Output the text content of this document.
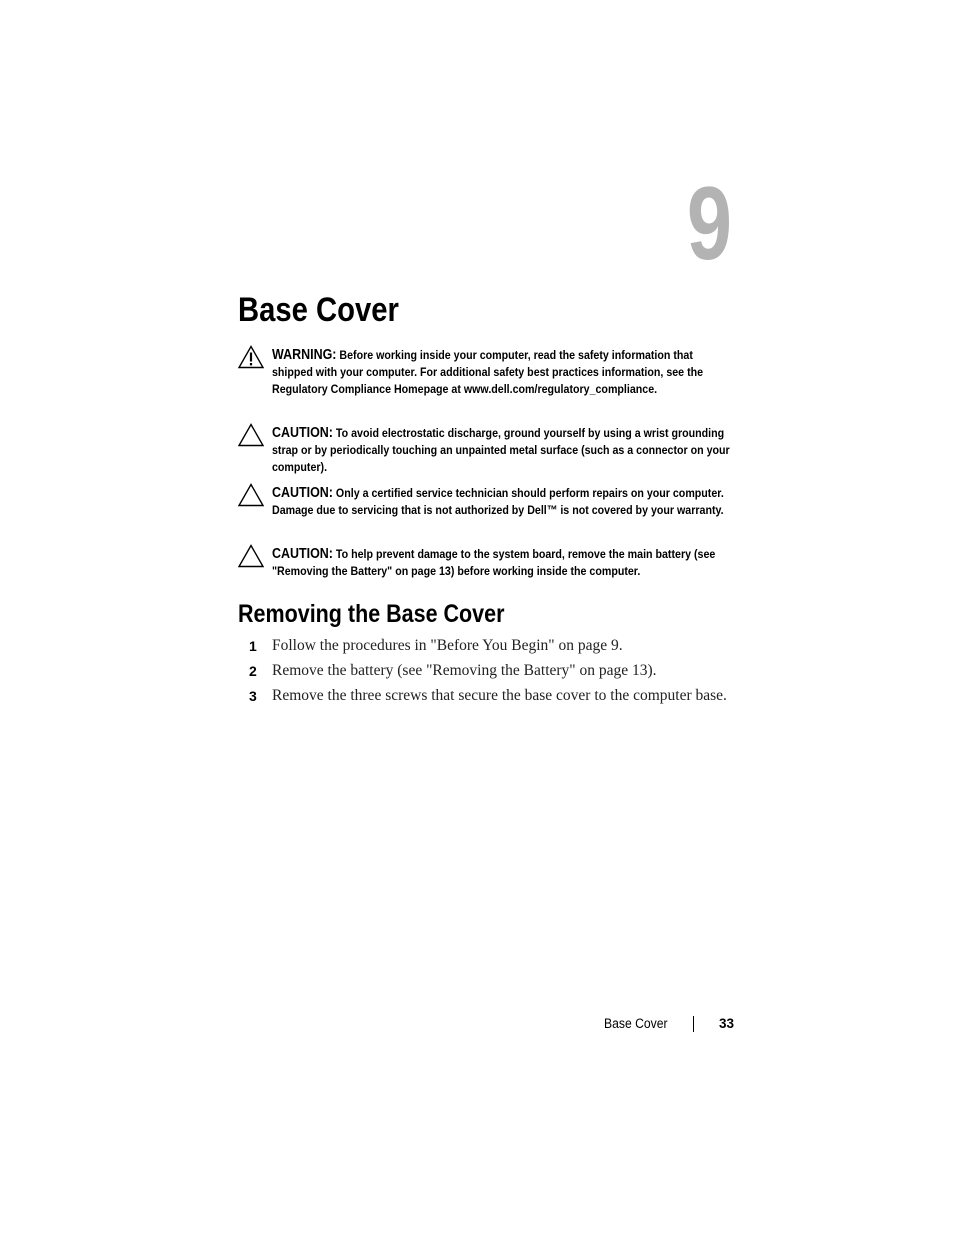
9
Base Cover
WARNING: Before working inside your computer, read the safety information that shipped with your computer. For additional safety best practices information, see the Regulatory Compliance Homepage at www.dell.com/regulatory_compliance.
CAUTION: To avoid electrostatic discharge, ground yourself by using a wrist grounding strap or by periodically touching an unpainted metal surface (such as a connector on your computer).
CAUTION: Only a certified service technician should perform repairs on your computer. Damage due to servicing that is not authorized by Dell™ is not covered by your warranty.
CAUTION: To help prevent damage to the system board, remove the main battery (see "Removing the Battery" on page 13) before working inside the computer.
Removing the Base Cover
1 Follow the procedures in "Before You Begin" on page 9.
2 Remove the battery (see "Removing the Battery" on page 13).
3 Remove the three screws that secure the base cover to the computer base.
Base Cover	33
